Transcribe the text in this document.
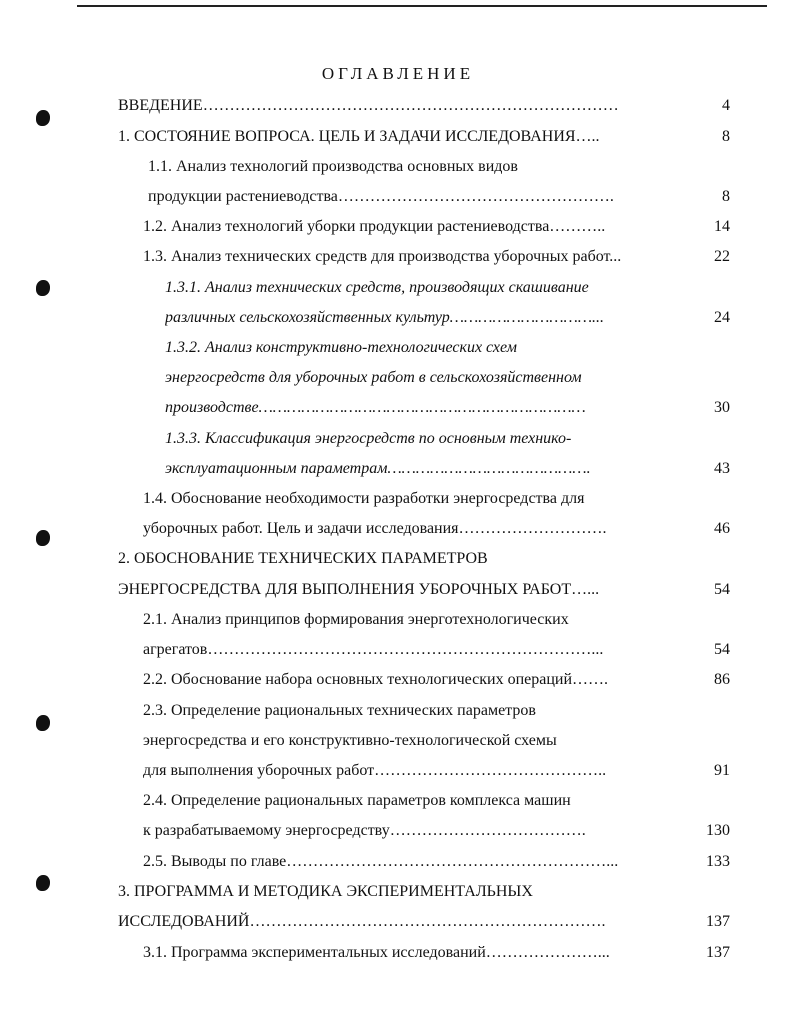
ОГЛАВЛЕНИЕ
ВВЕДЕНИЕ……………………………………………………………………	4
1. СОСТОЯНИЕ ВОПРОСА. ЦЕЛЬ И ЗАДАЧИ ИССЛЕДОВАНИЯ…..	8
1.1. Анализ технологий производства основных видов
продукции растениеводства…………………………………………….	8
1.2. Анализ технологий уборки продукции растениеводства………..	14
1.3. Анализ технических средств для производства уборочных работ...	22
1.3.1. Анализ технических средств, производящих скашивание
различных сельскохозяйственных культур…………………………...	24
1.3.2. Анализ конструктивно-технологических схем
энергосредств для уборочных работ в сельскохозяйственном
производстве……………………………………………………………	30
1.3.3. Классификация энергосредств по основным технико-
эксплуатационным параметрам…………………………………….	43
1.4. Обоснование необходимости разработки энергосредства для
уборочных работ. Цель и задачи исследования……………………….	46
2. ОБОСНОВАНИЕ ТЕХНИЧЕСКИХ ПАРАМЕТРОВ
ЭНЕРГОСРЕДСТВА ДЛЯ ВЫПОЛНЕНИЯ УБОРОЧНЫХ РАБОТ…...	54
2.1. Анализ принципов формирования энерготехнологических
агрегатов………………………………………………………………...	54
2.2. Обоснование набора основных технологических операций…….	86
2.3. Определение рациональных технических параметров
энергосредства и его конструктивно-технологической схемы
для выполнения уборочных работ……………………………………..	91
2.4. Определение рациональных параметров комплекса машин
к разрабатываемому энергосредству……………………………….	130
2.5. Выводы по главе……………………………………………………...	133
3. ПРОГРАММА И МЕТОДИКА ЭКСПЕРИМЕНТАЛЬНЫХ
ИССЛЕДОВАНИЙ………………………………………………………….	137
3.1. Программа экспериментальных исследований…………………...	137
